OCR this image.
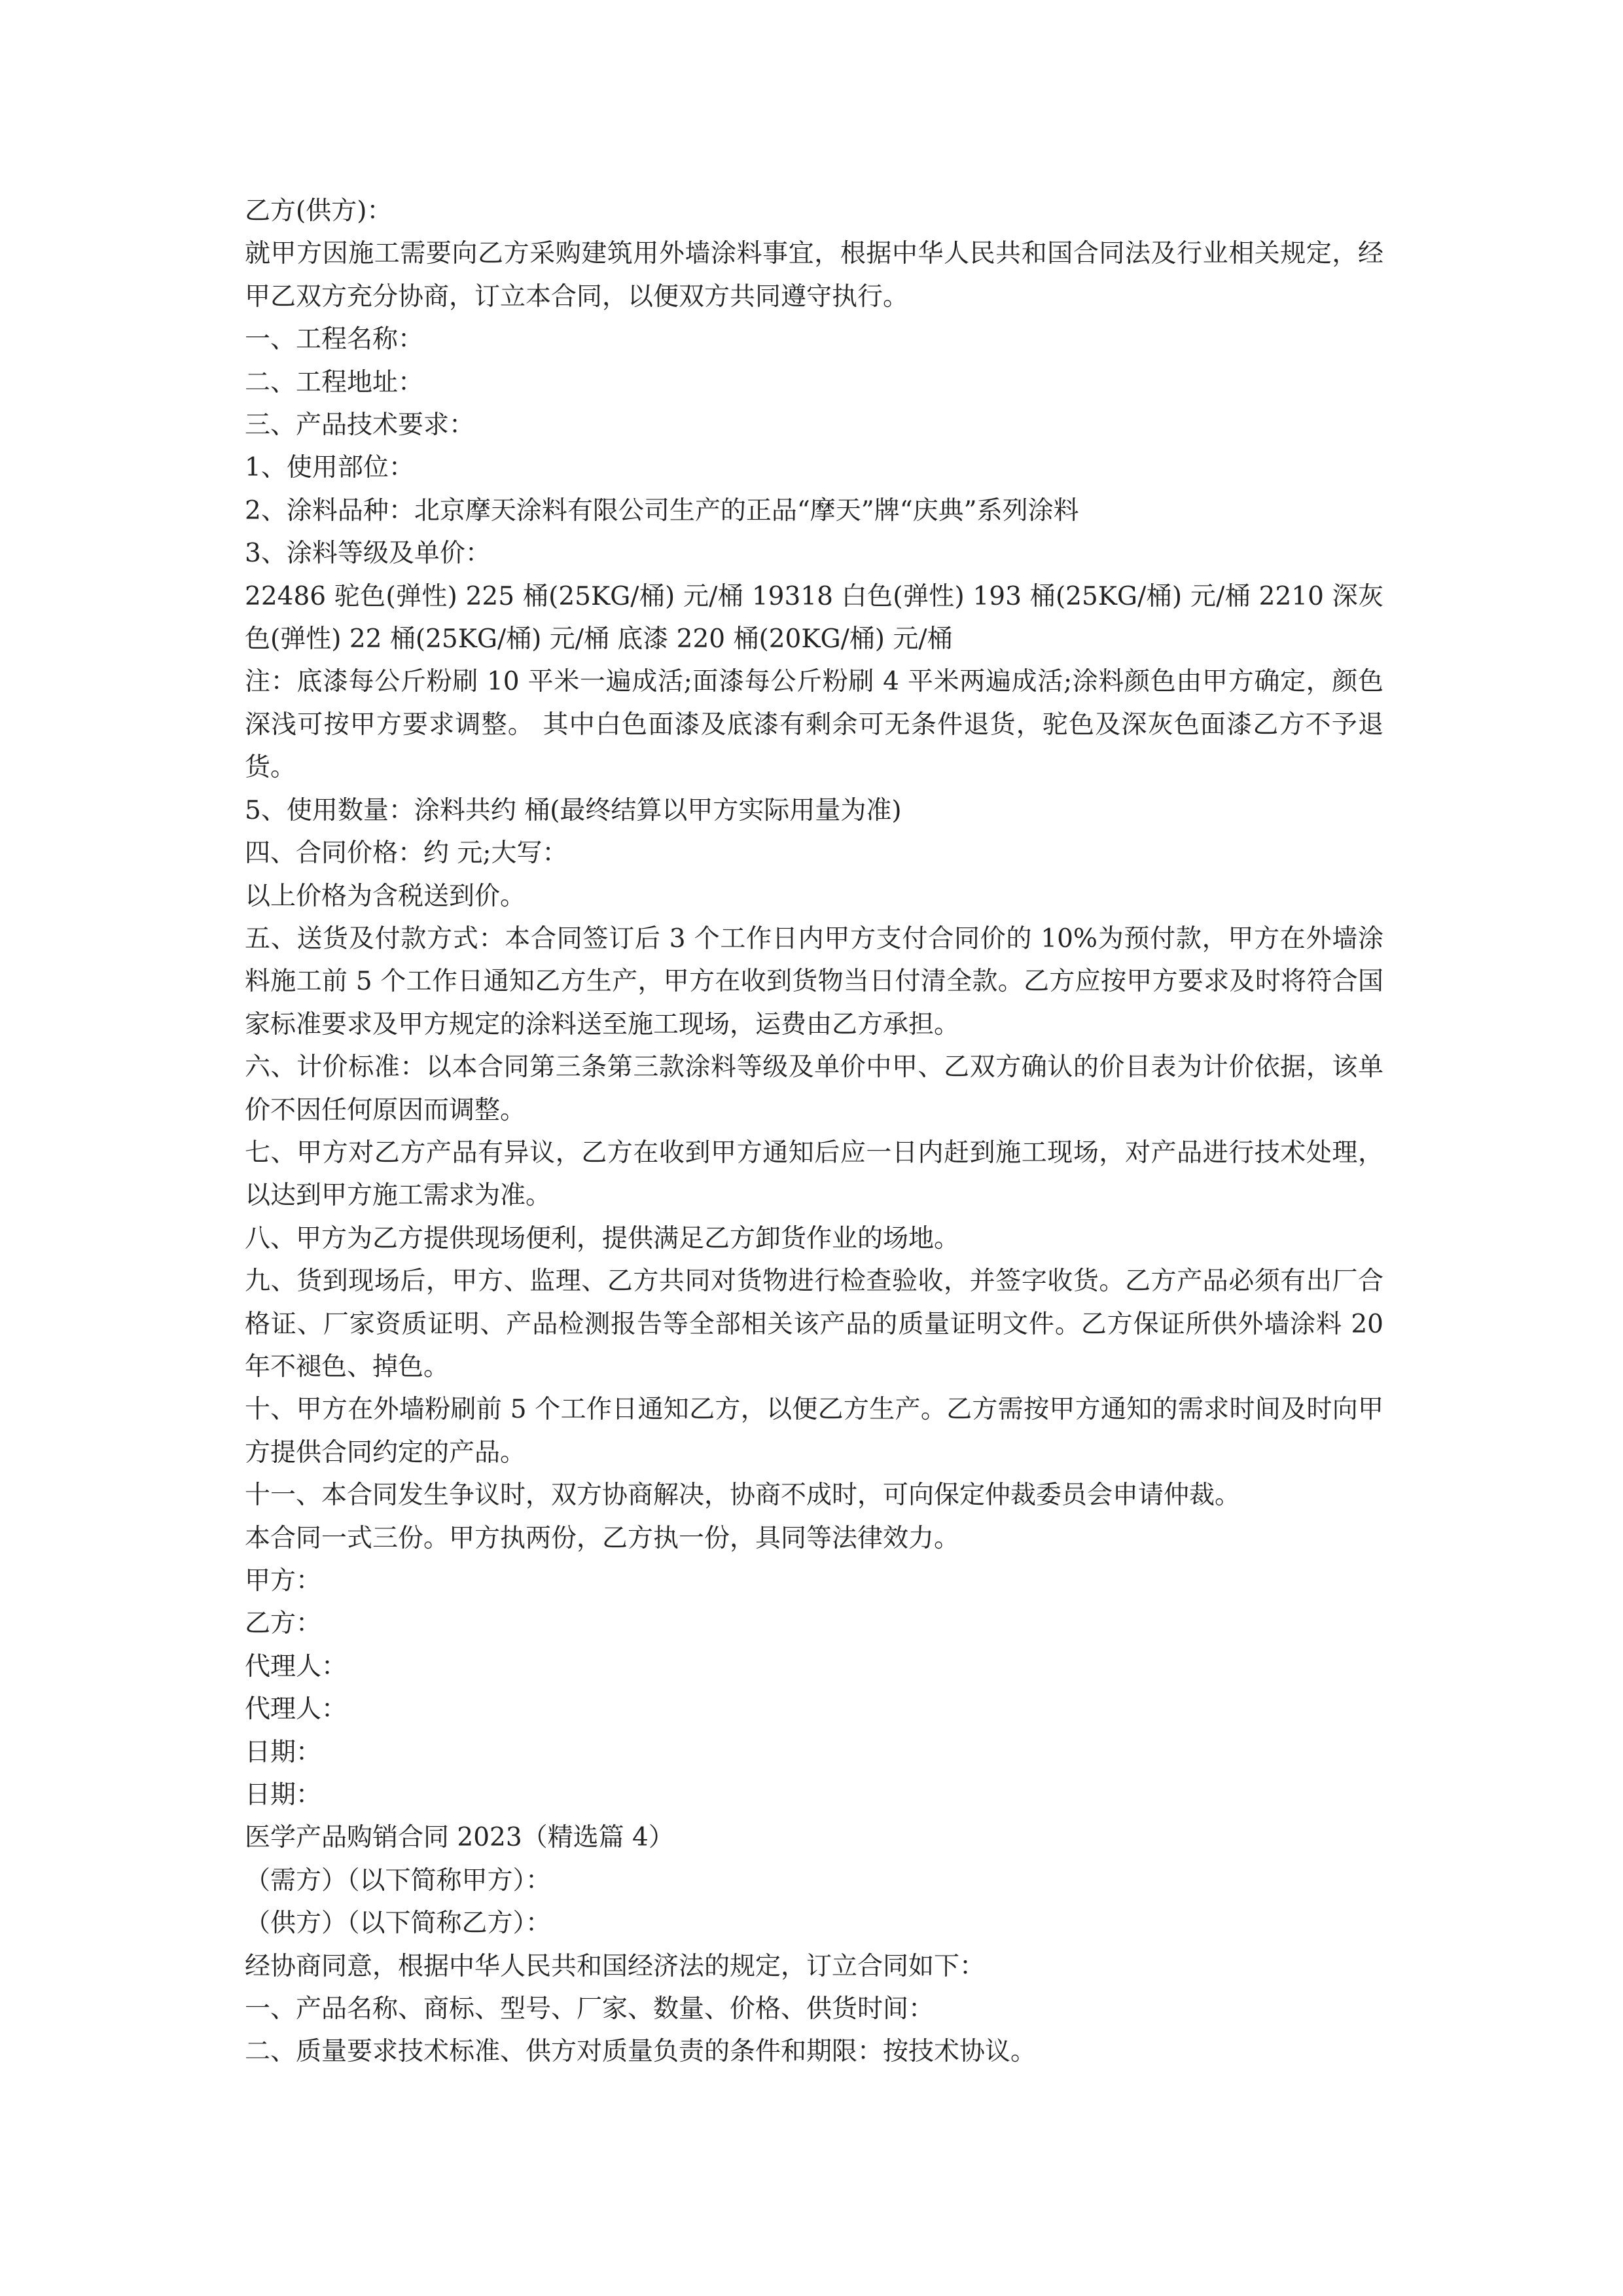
乙方(供方)：

就甲方因施工需要向乙方采购建筑用外墙涂料事宜，根据中华人民共和国合同法及行业相关规定，经甲乙双方充分协商，订立本合同，以便双方共同遵守执行。

一、工程名称：

二、工程地址：

三、产品技术要求：

1、使用部位：

2、涂料品种：北京摩天涂料有限公司生产的正品“摩天”牌“庆典”系列涂料

3、涂料等级及单价：

22486 驼色(弹性) 225 桶(25KG/桶) 元/桶 19318 白色(弹性) 193 桶(25KG/桶) 元/桶 2210 深灰色(弹性) 22 桶(25KG/桶) 元/桶 底漆 220 桶(20KG/桶) 元/桶

注：底漆每公斤粉刷 10 平米一遍成活;面漆每公斤粉刷 4 平米两遍成活;涂料颜色由甲方确定，颜色深浅可按甲方要求调整。 其中白色面漆及底漆有剩余可无条件退货，驼色及深灰色面漆乙方不予退货。

5、使用数量：涂料共约 桶(最终结算以甲方实际用量为准)

四、合同价格：约 元;大写：

以上价格为含税送到价。

五、送货及付款方式：本合同签订后 3 个工作日内甲方支付合同价的 10%为预付款，甲方在外墙涂料施工前 5 个工作日通知乙方生产，甲方在收到货物当日付清全款。乙方应按甲方要求及时将符合国家标准要求及甲方规定的涂料送至施工现场，运费由乙方承担。

六、计价标准：以本合同第三条第三款涂料等级及单价中甲、乙双方确认的价目表为计价依据，该单价不因任何原因而调整。

七、甲方对乙方产品有异议，乙方在收到甲方通知后应一日内赶到施工现场，对产品进行技术处理，以达到甲方施工需求为准。

八、甲方为乙方提供现场便利，提供满足乙方卸货作业的场地。

九、货到现场后，甲方、监理、乙方共同对货物进行检查验收，并签字收货。乙方产品必须有出厂合格证、厂家资质证明、产品检测报告等全部相关该产品的质量证明文件。乙方保证所供外墙涂料 20 年不褪色、掉色。

十、甲方在外墙粉刷前 5 个工作日通知乙方，以便乙方生产。乙方需按甲方通知的需求时间及时向甲方提供合同约定的产品。

十一、本合同发生争议时，双方协商解决，协商不成时，可向保定仲裁委员会申请仲裁。

本合同一式三份。甲方执两份，乙方执一份，具同等法律效力。

甲方：

乙方：

代理人：

代理人：

日期：

日期：

医学产品购销合同 2023（精选篇 4）

（需方）（以下简称甲方）：

（供方）（以下简称乙方）：

经协商同意，根据中华人民共和国经济法的规定，订立合同如下：

一、产品名称、商标、型号、厂家、数量、价格、供货时间：

二、质量要求技术标准、供方对质量负责的条件和期限：按技术协议。
